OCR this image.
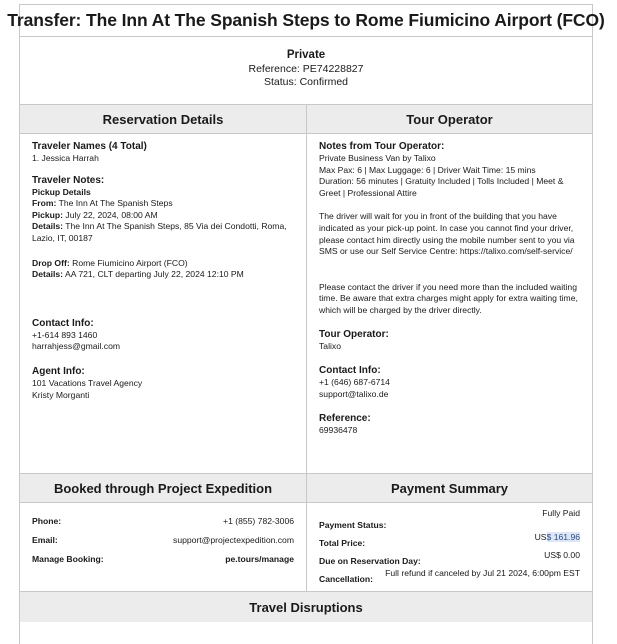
Transfer: The Inn At The Spanish Steps to Rome Fiumicino Airport (FCO)
Private
Reference: PE74228827
Status: Confirmed
Reservation Details
Traveler Names (4 Total)
1. Jessica Harrah
Traveler Notes:
Pickup Details
From: The Inn At The Spanish Steps
Pickup: July 22, 2024, 08:00 AM
Details: The Inn At The Spanish Steps, 85 Via dei Condotti, Roma, Lazio, IT, 00187
Drop Off: Rome Fiumicino Airport (FCO)
Details: AA 721, CLT departing July 22, 2024 12:10 PM
Contact Info:
+1-614 893 1460
harrahjess@gmail.com
Agent Info:
101 Vacations Travel Agency
Kristy Morganti
Tour Operator
Notes from Tour Operator:
Private Business Van by Talixo
Max Pax: 6 | Max Luggage: 6 | Driver Wait Time: 15 mins
Duration: 56 minutes | Gratuity Included | Tolls Included | Meet & Greet | Professional Attire
The driver will wait for you in front of the building that you have indicated as your pick-up point. In case you cannot find your driver, please contact him directly using the mobile number sent to you via SMS or use our Self Service Centre: https://talixo.com/self-service/
Please contact the driver if you need more than the included waiting time. Be aware that extra charges might apply for extra waiting time, which will be charged by the driver directly.
Tour Operator:
Talixo
Contact Info:
+1 (646) 687-6714
support@talixo.de
Reference:
69936478
Booked through Project Expedition
Phone:	+1 (855) 782-3006
Email:	support@projectexpedition.com
Manage Booking:	pe.tours/manage
Payment Summary
Payment Status:
Fully Paid
Total Price:
US$ 161.96
Due on Reservation Day:
US$ 0.00
Cancellation:
Full refund if canceled by Jul 21 2024, 6:00pm EST
Travel Disruptions
